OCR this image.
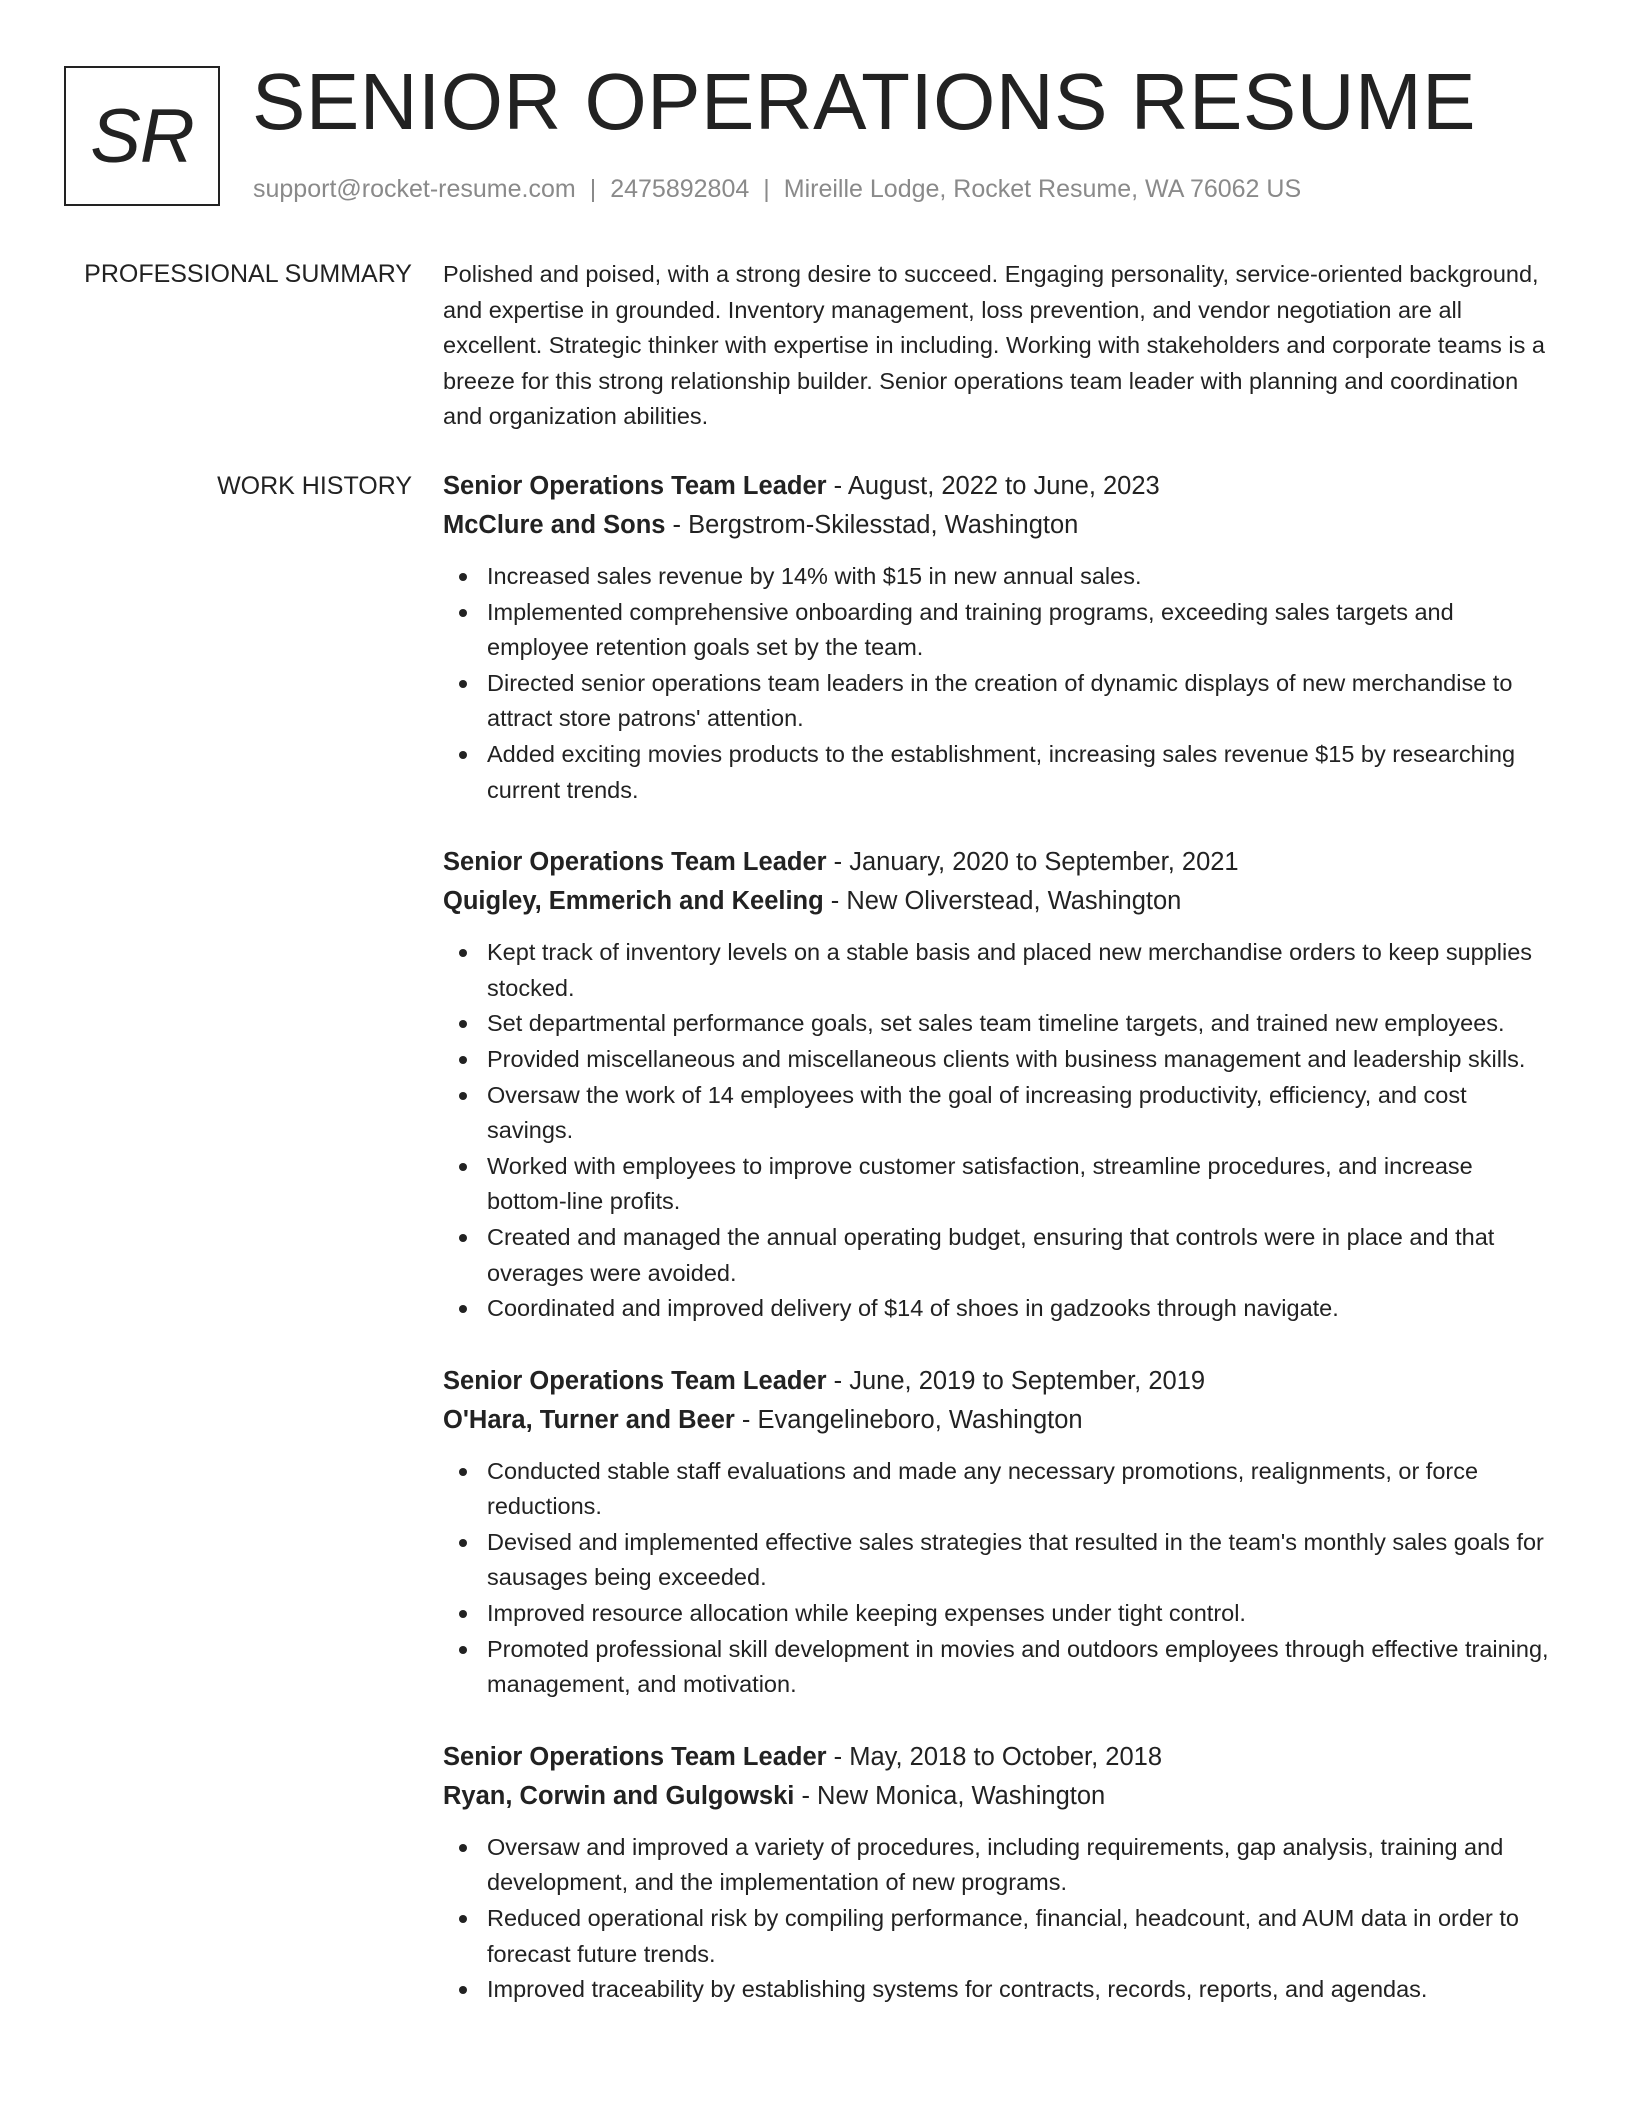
SR SENIOR OPERATIONS RESUME
support@rocket-resume.com | 2475892804 | Mireille Lodge, Rocket Resume, WA 76062 US
PROFESSIONAL SUMMARY Polished and poised, with a strong desire to succeed. Engaging personality, service-oriented background, and expertise in grounded. Inventory management, loss prevention, and vendor negotiation are all excellent. Strategic thinker with expertise in including. Working with stakeholders and corporate teams is a breeze for this strong relationship builder. Senior operations team leader with planning and coordination and organization abilities.

WORK HISTORY Senior Operations Team Leader - August, 2022 to June, 2023
McClure and Sons - Bergstrom-Skilesstad, Washington
Increased sales revenue by 14% with $15 in new annual sales.
Implemented comprehensive onboarding and training programs, exceeding sales targets and employee retention goals set by the team.
Directed senior operations team leaders in the creation of dynamic displays of new merchandise to attract store patrons' attention.
Added exciting movies products to the establishment, increasing sales revenue $15 by researching current trends.
Senior Operations Team Leader - January, 2020 to September, 2021
Quigley, Emmerich and Keeling - New Oliverstead, Washington
Kept track of inventory levels on a stable basis and placed new merchandise orders to keep supplies stocked.
Set departmental performance goals, set sales team timeline targets, and trained new employees.
Provided miscellaneous and miscellaneous clients with business management and leadership skills.
Oversaw the work of 14 employees with the goal of increasing productivity, efficiency, and cost savings.
Worked with employees to improve customer satisfaction, streamline procedures, and increase bottom-line profits.
Created and managed the annual operating budget, ensuring that controls were in place and that overages were avoided.
Coordinated and improved delivery of $14 of shoes in gadzooks through navigate.
Senior Operations Team Leader - June, 2019 to September, 2019
O'Hara, Turner and Beer - Evangelineboro, Washington
Conducted stable staff evaluations and made any necessary promotions, realignments, or force reductions.
Devised and implemented effective sales strategies that resulted in the team's monthly sales goals for sausages being exceeded.
Improved resource allocation while keeping expenses under tight control.
Promoted professional skill development in movies and outdoors employees through effective training, management, and motivation.
Senior Operations Team Leader - May, 2018 to October, 2018
Ryan, Corwin and Gulgowski - New Monica, Washington
Oversaw and improved a variety of procedures, including requirements, gap analysis, training and development, and the implementation of new programs.
Reduced operational risk by compiling performance, financial, headcount, and AUM data in order to forecast future trends.
Improved traceability by establishing systems for contracts, records, reports, and agendas.
